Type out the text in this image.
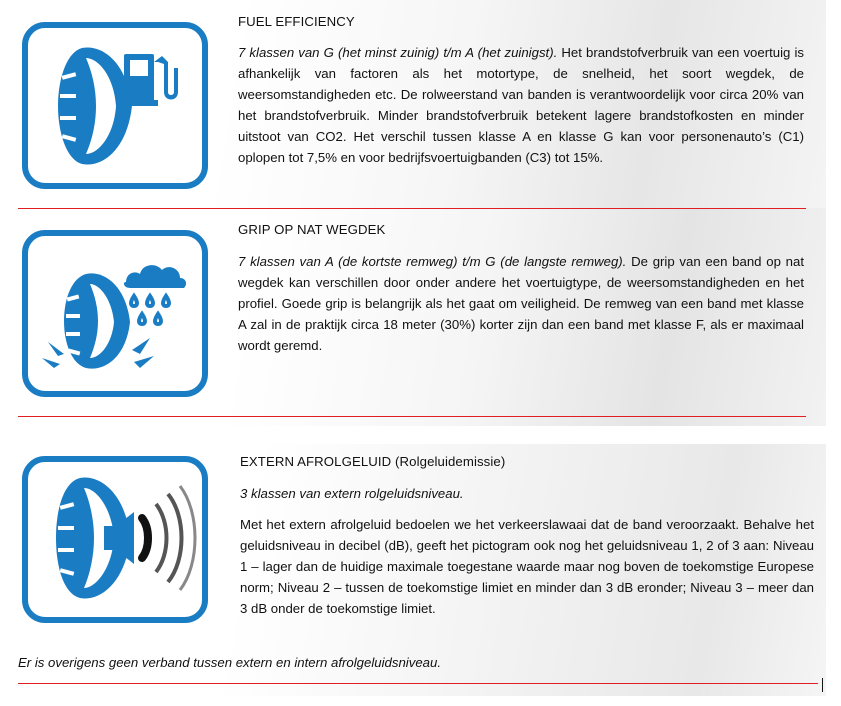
FUEL EFFICIENCY

7 klassen van G (het minst zuinig) t/m A (het zuinigst). Het brandstofverbruik van een voertuig is afhankelijk van factoren als het motortype, de snelheid, het soort wegdek, de weersomstandigheden etc. De rolweerstand van banden is verantwoordelijk voor circa 20% van het brandstofverbruik. Minder brandstofverbruik betekent lagere brandstofkosten en minder uitstoot van CO2. Het verschil tussen klasse A en klasse G kan voor personenauto’s (C1) oplopen tot 7,5% en voor bedrijfsvoertuigbanden (C3) tot 15%.

GRIP OP NAT WEGDEK

7 klassen van A (de kortste remweg) t/m G (de langste remweg). De grip van een band op nat wegdek kan verschillen door onder andere het voertuigtype, de weersomstandigheden en het profiel. Goede grip is belangrijk als het gaat om veiligheid. De remweg van een band met klasse A zal in de praktijk circa 18 meter (30%) korter zijn dan een band met klasse F, als er maximaal wordt geremd.

EXTERN AFROLGELUID (Rolgeluidemissie)

3 klassen van extern rolgeluidsniveau.

Met het extern afrolgeluid bedoelen we het verkeerslawaai dat de band veroorzaakt. Behalve het geluidsniveau in decibel (dB), geeft het pictogram ook nog het geluidsniveau 1, 2 of 3 aan: Niveau 1 – lager dan de huidige maximale toegestane waarde maar nog boven de toekomstige Europese norm; Niveau 2 – tussen de toekomstige limiet en minder dan 3 dB eronder; Niveau 3 – meer dan 3 dB onder de toekomstige limiet.

Er is overigens geen verband tussen extern en intern afrolgeluidsniveau.
